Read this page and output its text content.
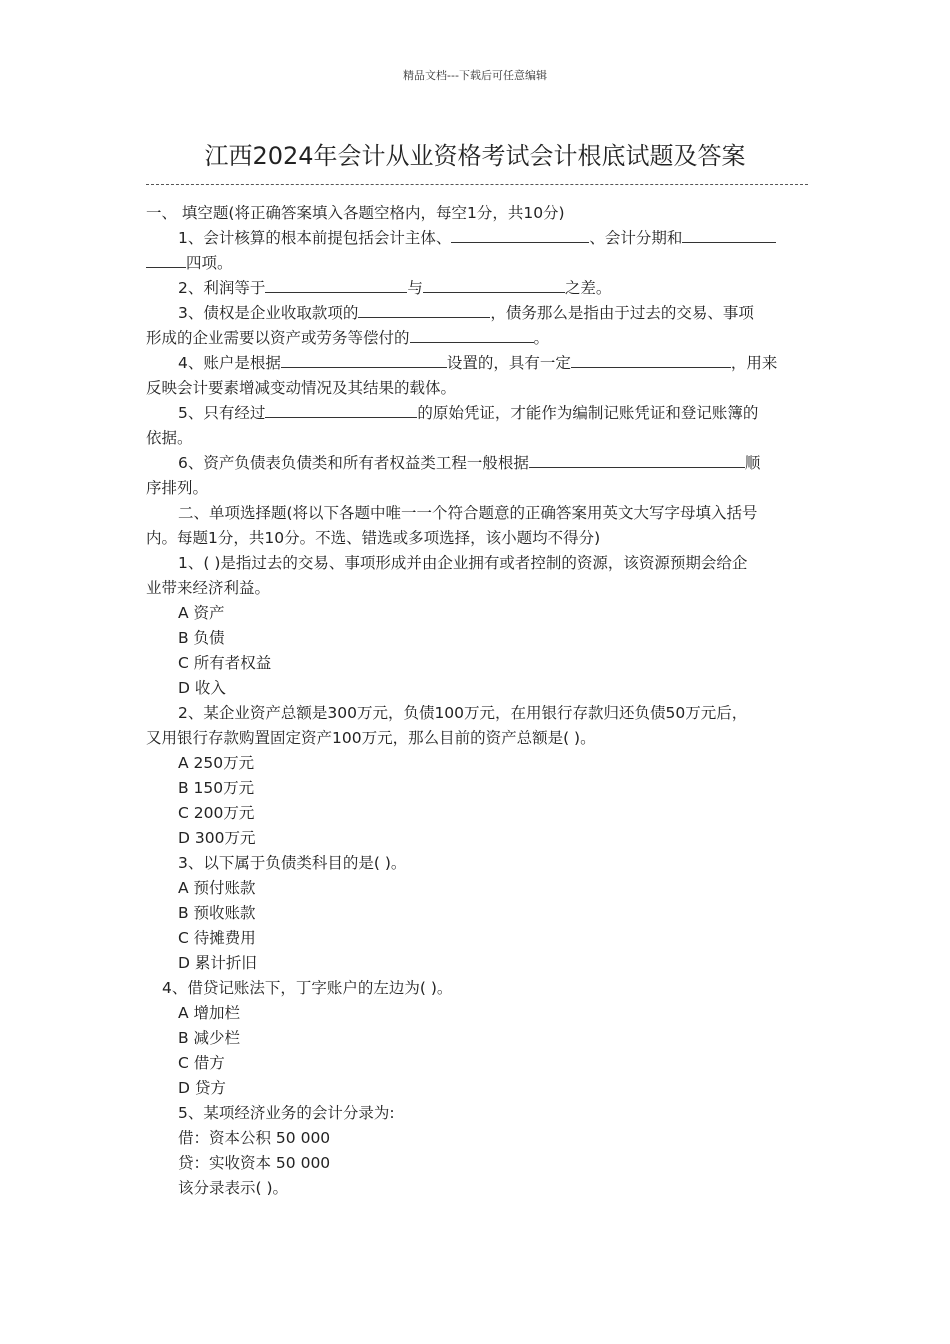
精品文档---下载后可任意编辑
江西2024年会计从业资格考试会计根底试题及答案

一、 填空题(将正确答案填入各题空格内，每空1分，共10分)

1、会计核算的根本前提包括会计主体、	、会计分期和

四项。

2、利润等于	与	之差。

3、债权是企业收取款项的	，债务那么是指由于过去的交易、事项

形成的企业需要以资产或劳务等偿付的	。

4、账户是根据	设置的，具有一定	，用来

反映会计要素增减变动情况及其结果的载体。

5、只有经过	的原始凭证，才能作为编制记账凭证和登记账簿的

依据。

6、资产负债表负债类和所有者权益类工程一般根据	顺

序排列。

二、单项选择题(将以下各题中唯一一个符合题意的正确答案用英文大写字母填入括号

内。每题1分，共10分。不选、错选或多项选择，该小题均不得分)

1、( )是指过去的交易、事项形成并由企业拥有或者控制的资源，该资源预期会给企

业带来经济利益。

A 资产

B 负债

C 所有者权益

D 收入

2、某企业资产总额是300万元，负债100万元，在用银行存款归还负债50万元后，

又用银行存款购置固定资产100万元，那么目前的资产总额是( )。

A 250万元

B 150万元

C 200万元

D 300万元

3、以下属于负债类科目的是( )。

A 预付账款

B 预收账款

C 待摊费用

D 累计折旧

4、借贷记账法下，丁字账户的左边为( )。

A 增加栏

B 减少栏

C 借方

D 贷方

5、某项经济业务的会计分录为:

借：资本公积 50 000

贷：实收资本 50 000

该分录表示( )。
